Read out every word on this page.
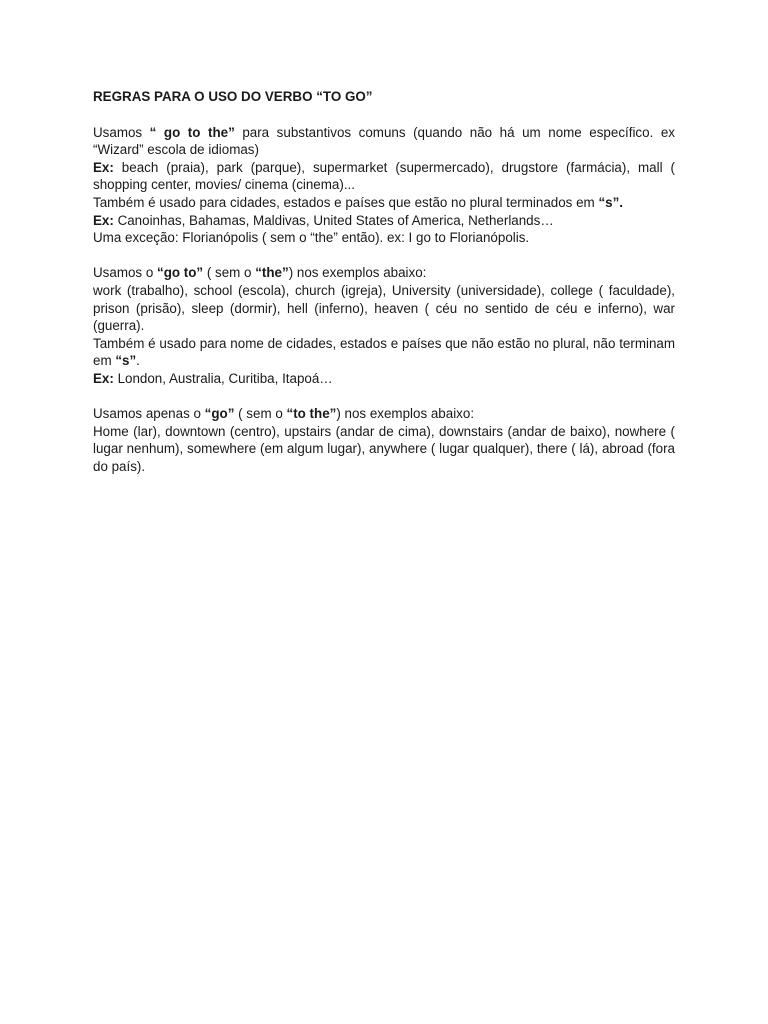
REGRAS PARA O USO DO VERBO “TO GO”

Usamos “ go to the” para substantivos comuns (quando não há um nome específico. ex “Wizard” escola de idiomas)

Ex: beach (praia), park (parque), supermarket (supermercado), drugstore (farmácia), mall ( shopping center, movies/ cinema (cinema)...

Também é usado para cidades, estados e países que estão no plural terminados em “s”.

Ex: Canoinhas, Bahamas, Maldivas, United States of America, Netherlands…

Uma exceção: Florianópolis ( sem o “the” então). ex: I go to Florianópolis.

Usamos o “go to” ( sem o “the”) nos exemplos abaixo:

work (trabalho), school (escola), church (igreja), University (universidade), college ( faculdade), prison (prisão), sleep (dormir), hell (inferno), heaven ( céu no sentido de céu e inferno), war (guerra).

Também é usado para nome de cidades, estados e países que não estão no plural, não terminam em “s”.

Ex: London, Australia, Curitiba, Itapoá…

Usamos apenas o “go” ( sem o “to the”) nos exemplos abaixo:

Home (lar), downtown (centro), upstairs (andar de cima), downstairs (andar de baixo), nowhere ( lugar nenhum), somewhere (em algum lugar), anywhere ( lugar qualquer), there ( lá), abroad (fora do país).
